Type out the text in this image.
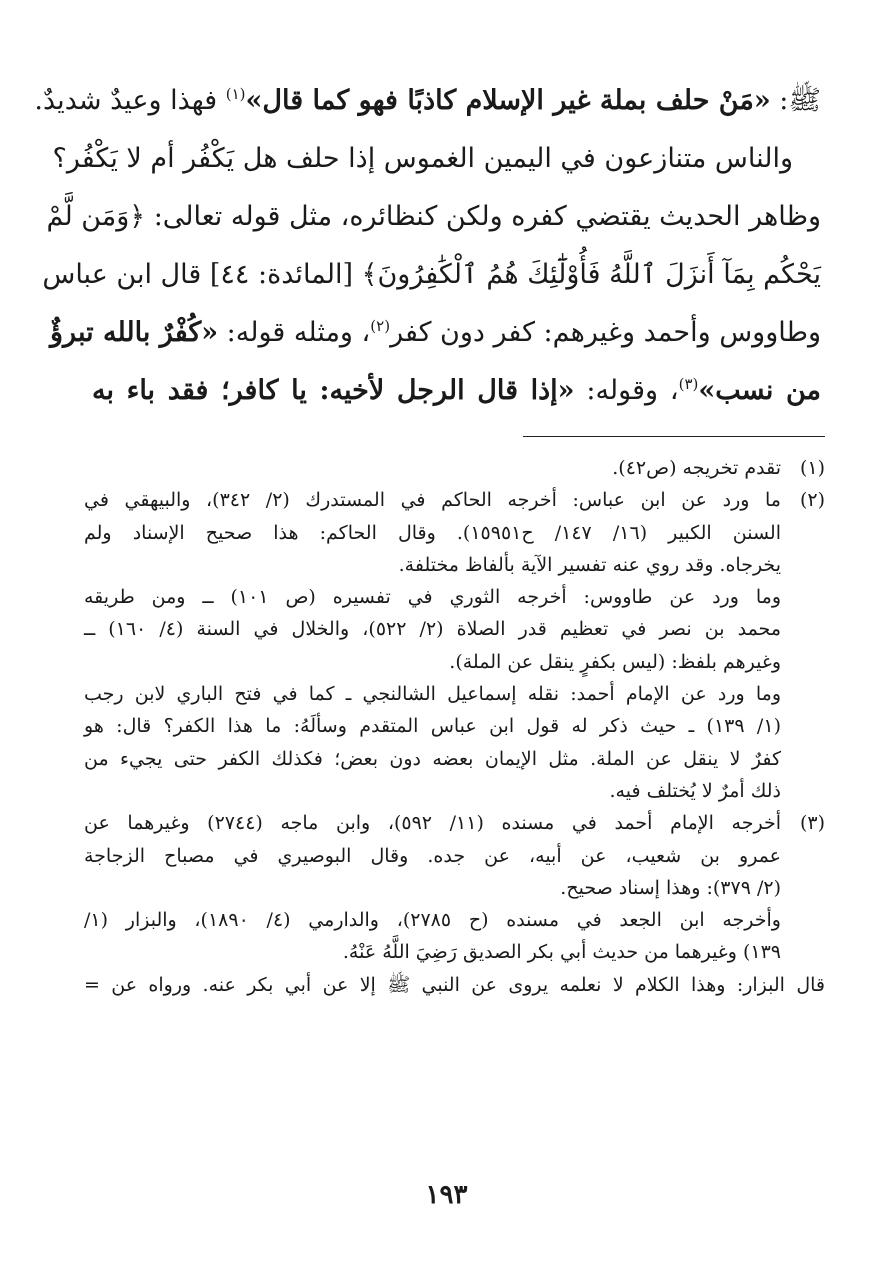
ﷺ: «مَنْ حلف بملة غير الإسلام كاذبًا فهو كما قال»$^{(١)}$ فهذا وعيدٌ شديدٌ.

والناس متنازعون في اليمين الغموس إذا حلف هل يَكْفُر أم لا يَكْفُر؟

وظاهر الحديث يقتضي كفره ولكن كنظائره، مثل قوله تعالى: ﴿وَمَن لَّمْ

يَحْكُم بِمَآ أَنزَلَ ٱللَّهُ فَأُوْلَٰٓئِكَ هُمُ ٱلْكَٰفِرُونَ﴾ [المائدة: ٤٤] قال ابن عباس

وطاووس وأحمد وغيرهم: كفر دون كفر$^{(٢)}$، ومثله قوله: «كُفْرٌ بالله تبرؤٌ

من نسب»$^{(٣)}$، وقوله: «إذا قال الرجل لأخيه: يا كافر؛ فقد باء به

(١)

تقدم تخريجه (ص٤٢).

(٢)

ما ورد عن ابن عباس: أخرجه الحاكم في المستدرك (٢/ ٣٤٢)، والبيهقي في

السنن الكبير (١٦/ ١٤٧/ ح١٥٩٥١). وقال الحاكم: هذا صحيح الإسناد ولم

يخرجاه. وقد روي عنه تفسير الآية بألفاظ مختلفة.

وما ورد عن طاووس: أخرجه الثوري في تفسيره (ص ١٠١) ــ ومن طريقه

محمد بن نصر في تعظيم قدر الصلاة (٢/ ٥٢٢)، والخلال في السنة (٤/ ١٦٠) ــ

وغيرهم بلفظ: (ليس بكفرٍ ينقل عن الملة).

وما ورد عن الإمام أحمد: نقله إسماعيل الشالنجي ـ كما في فتح الباري لابن رجب

(١/ ١٣٩) ـ حيث ذكر له قول ابن عباس المتقدم وسألَهُ: ما هذا الكفر؟ قال: هو

كفرٌ لا ينقل عن الملة. مثل الإيمان بعضه دون بعض؛ فكذلك الكفر حتى يجيء من

ذلك أمرٌ لا يُختلف فيه.

(٣)

أخرجه الإمام أحمد في مسنده (١١/ ٥٩٢)، وابن ماجه (٢٧٤٤) وغيرهما عن

عمرو بن شعيب، عن أبيه، عن جده. وقال البوصيري في مصباح الزجاجة

(٢/ ٣٧٩): وهذا إسناد صحيح.

وأخرجه ابن الجعد في مسنده (ح ٢٧٨٥)، والدارمي (٤/ ١٨٩٠)، والبزار (١/

١٣٩) وغيرهما من حديث أبي بكر الصديق رَضِيَ اللَّهُ عَنْهُ.

قال البزار: وهذا الكلام لا نعلمه يروى عن النبي ﷺ إلا عن أبي بكر عنه. ورواه عن =

١٩٣
